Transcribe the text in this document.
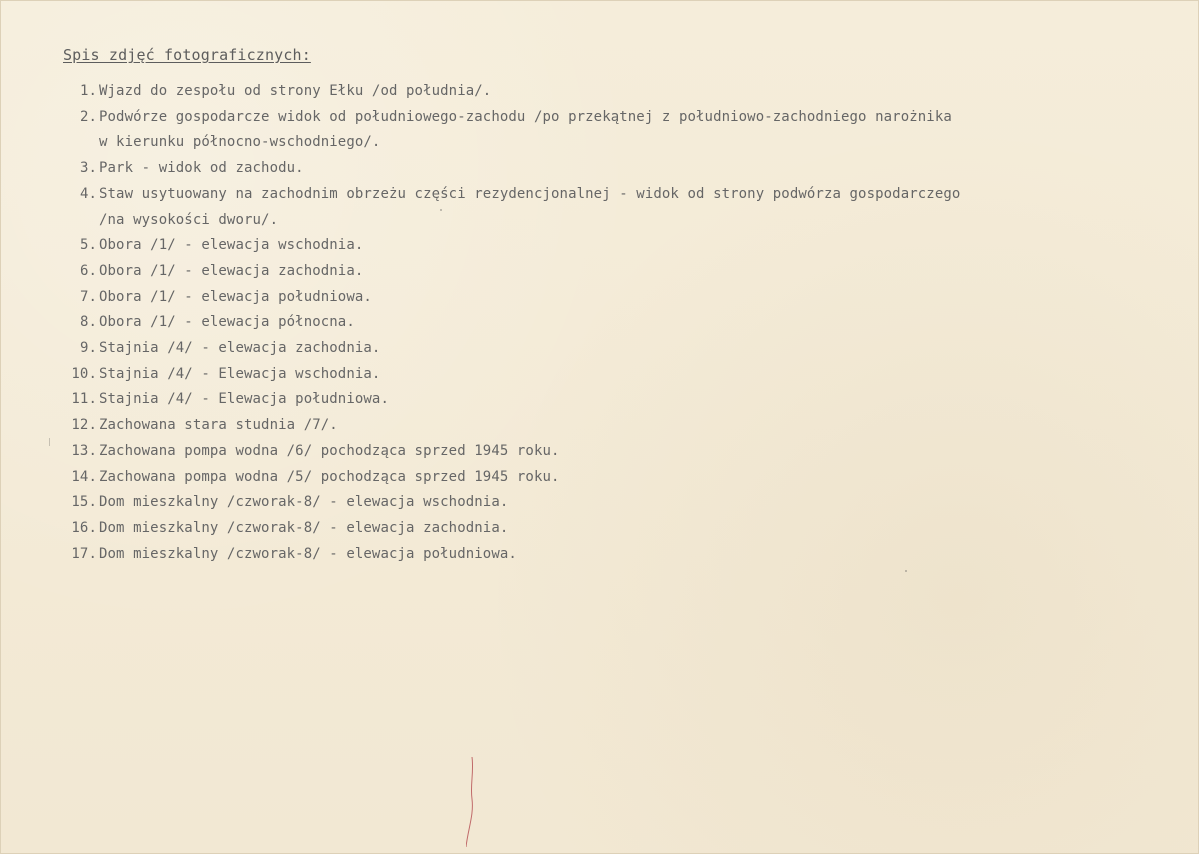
Spis zdjęć fotograficznych:
1. Wjazd do zespołu od strony Ełku /od południa/.
2. Podwórze gospodarcze widok od południowego-zachodu /po przekątnej z południowo-zachodniego narożnika
w kierunku północno-wschodniego/.
3. Park - widok od zachodu.
4. Staw usytuowany na zachodnim obrzeżu części rezydencjonalnej - widok od strony podwórza gospodarczego
/na wysokości dworu/.
5. Obora /1/ - elewacja wschodnia.
6. Obora /1/ - elewacja zachodnia.
7. Obora /1/ - elewacja południowa.
8. Obora /1/ - elewacja północna.
9. Stajnia /4/ - elewacja zachodnia.
10. Stajnia /4/ - Elewacja wschodnia.
11. Stajnia /4/ - Elewacja południowa.
12. Zachowana stara studnia /7/.
13. Zachowana pompa wodna /6/ pochodząca sprzed 1945 roku.
14. Zachowana pompa wodna /5/ pochodząca sprzed 1945 roku.
15. Dom mieszkalny /czworak-8/ - elewacja wschodnia.
16. Dom mieszkalny /czworak-8/ - elewacja zachodnia.
17. Dom mieszkalny /czworak-8/ - elewacja południowa.
